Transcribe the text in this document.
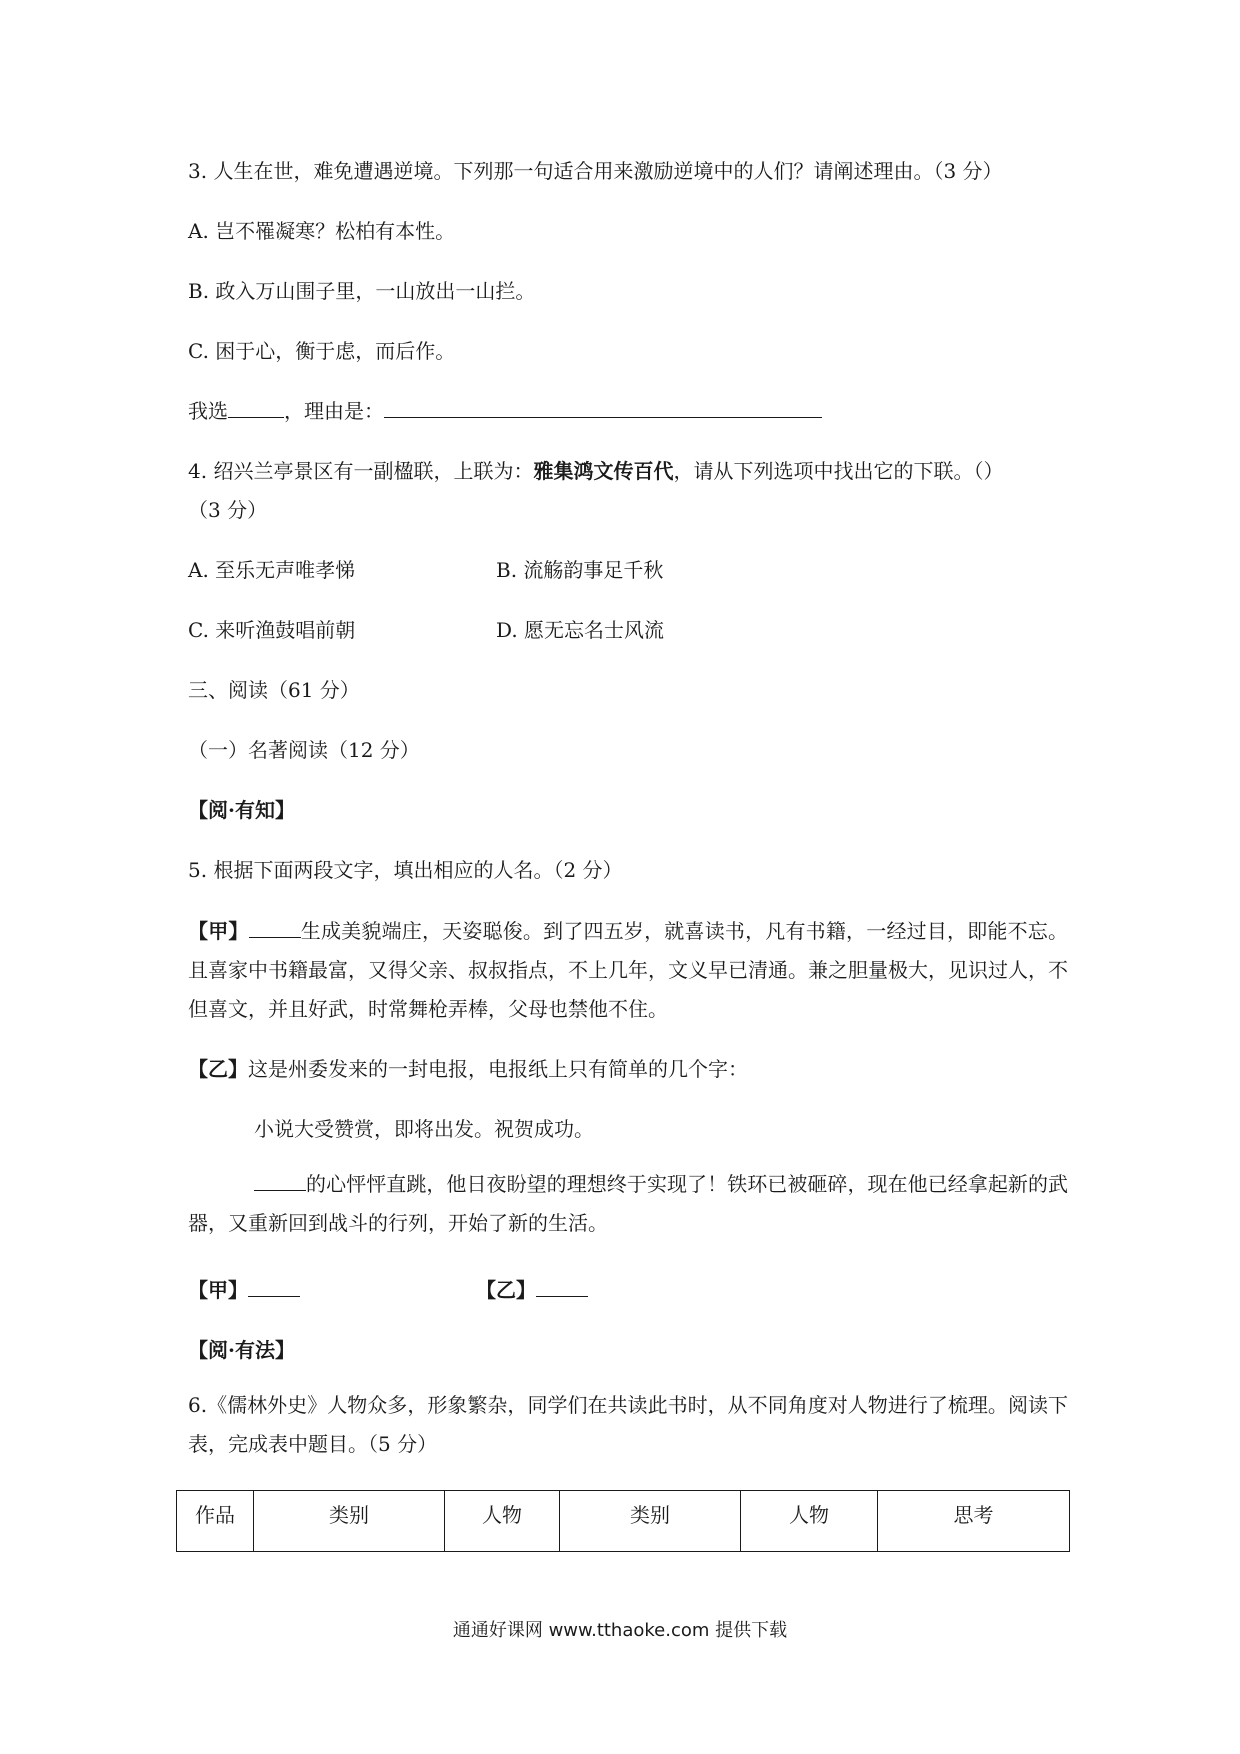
3. 人生在世，难免遭遇逆境。下列那一句适合用来激励逆境中的人们？请阐述理由。（3 分）
A. 岂不罹凝寒？松柏有本性。
B. 政入万山围子里，一山放出一山拦。
C. 困于心，衡于虑，而后作。
我选	，理由是：
4. 绍兴兰亭景区有一副楹联，上联为：雅集鸿文传百代，请从下列选项中找出它的下联。（）
（3 分）
A. 至乐无声唯孝悌	B. 流觞韵事足千秋
C. 来听渔鼓唱前朝	D. 愿无忘名士风流
三、阅读（61 分）
（一）名著阅读（12 分）
【阅·有知】
5. 根据下面两段文字，填出相应的人名。（2 分）
【甲】	生成美貌端庄，天姿聪俊。到了四五岁，就喜读书，凡有书籍，一经过目，即能不忘。且喜家中书籍最富，又得父亲、叔叔指点，不上几年，文义早已清通。兼之胆量极大，见识过人，不但喜文，并且好武，时常舞枪弄棒，父母也禁他不住。
【乙】这是州委发来的一封电报，电报纸上只有简单的几个字：
小说大受赞赏，即将出发。祝贺成功。
的心怦怦直跳，他日夜盼望的理想终于实现了！铁环已被砸碎，现在他已经拿起新的武器，又重新回到战斗的行列，开始了新的生活。
【甲】	【乙】
【阅·有法】
6.《儒林外史》人物众多，形象繁杂，同学们在共读此书时，从不同角度对人物进行了梳理。阅读下表，完成表中题目。（5 分）
作品	类别	人物	类别	人物	思考
通通好课网 www.tthaoke.com 提供下载
